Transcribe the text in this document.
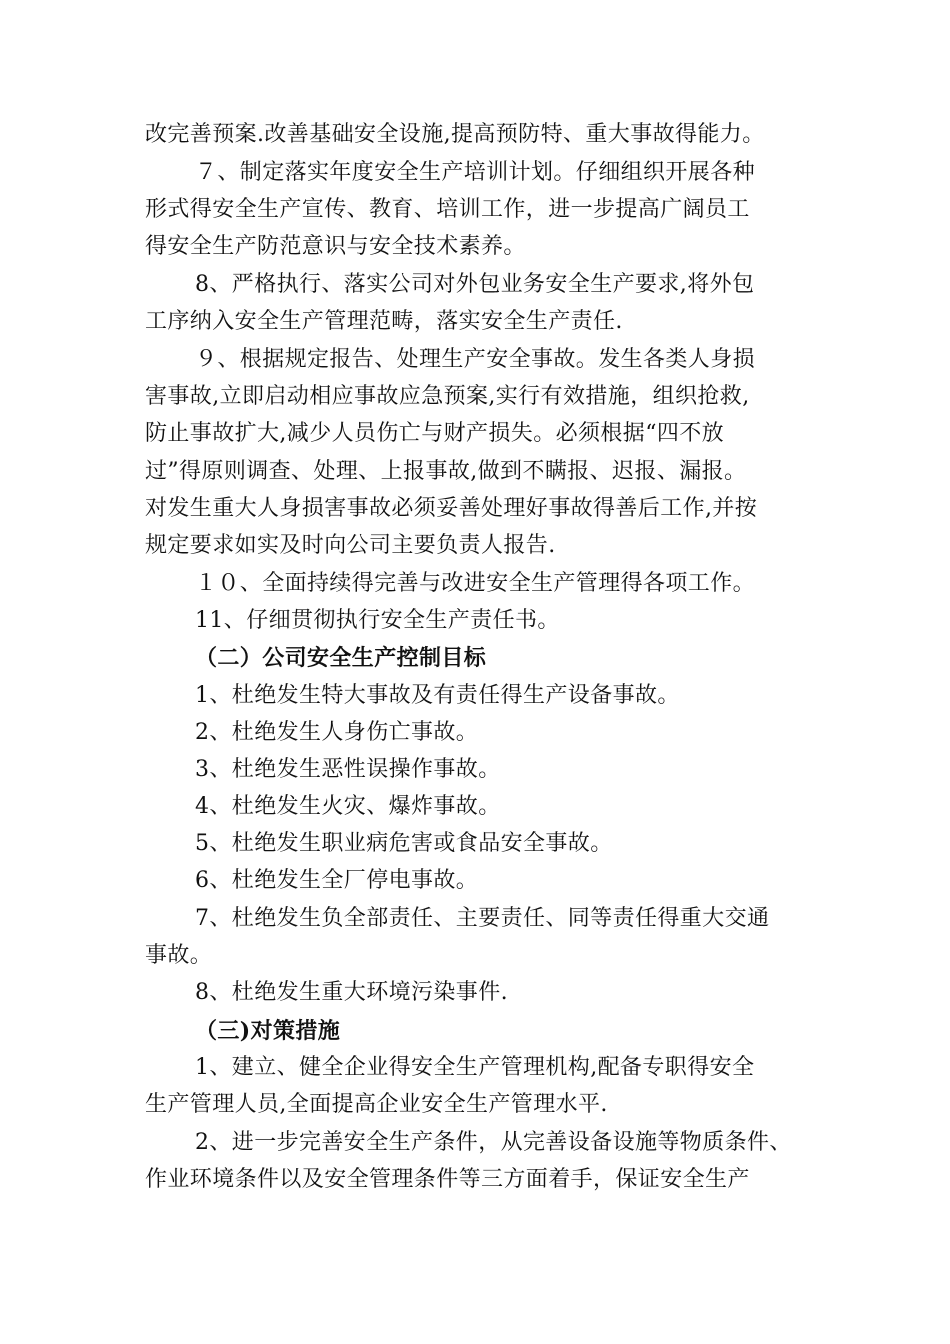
改完善预案.改善基础安全设施,提高预防特、重大事故得能力。
７、制定落实年度安全生产培训计划。仔细组织开展各种
形式得安全生产宣传、教育、培训工作，进一步提高广阔员工
得安全生产防范意识与安全技术素养。
8、严格执行、落实公司对外包业务安全生产要求,将外包
工序纳入安全生产管理范畴，落实安全生产责任.
９、根据规定报告、处理生产安全事故。发生各类人身损
害事故,立即启动相应事故应急预案,实行有效措施，组织抢救,
防止事故扩大,减少人员伤亡与财产损失。必须根据“四不放
过”得原则调查、处理、上报事故,做到不瞒报、迟报、漏报。
对发生重大人身损害事故必须妥善处理好事故得善后工作,并按
规定要求如实及时向公司主要负责人报告.
１０、全面持续得完善与改进安全生产管理得各项工作。
11、仔细贯彻执行安全生产责任书。
（二）公司安全生产控制目标
1、杜绝发生特大事故及有责任得生产设备事故。
2、杜绝发生人身伤亡事故。
3、杜绝发生恶性误操作事故。
4、杜绝发生火灾、爆炸事故。
5、杜绝发生职业病危害或食品安全事故。
6、杜绝发生全厂停电事故。
7、杜绝发生负全部责任、主要责任、同等责任得重大交通
事故。
8、杜绝发生重大环境污染事件.
（三)对策措施
1、建立、健全企业得安全生产管理机构,配备专职得安全
生产管理人员,全面提高企业安全生产管理水平.
2、进一步完善安全生产条件，从完善设备设施等物质条件、
作业环境条件以及安全管理条件等三方面着手，保证安全生产
